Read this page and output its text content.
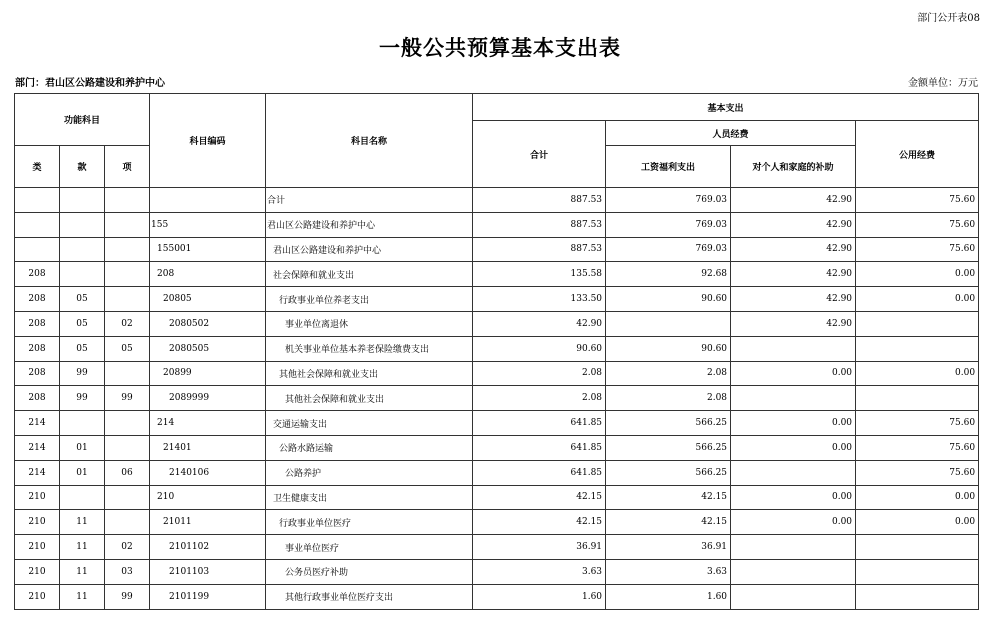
部门公开表08
一般公共预算基本支出表
部门：君山区公路建设和养护中心	金额单位：万元
功能科目			科目编码	科目名称	基本支出			
					合计	人员经费		公用经费
类	款	项				工资福利支出	对个人和家庭的补助	
				合计	887.53	769.03	42.90	75.60
			155	君山区公路建设和养护中心	887.53	769.03	42.90	75.60
			155001	君山区公路建设和养护中心	887.53	769.03	42.90	75.60
208			208	社会保障和就业支出	135.58	92.68	42.90	0.00
208	05		20805	行政事业单位养老支出	133.50	90.60	42.90	0.00
208	05	02	2080502	事业单位离退休	42.90		42.90	
208	05	05	2080505	机关事业单位基本养老保险缴费支出	90.60	90.60		
208	99		20899	其他社会保障和就业支出	2.08	2.08	0.00	0.00
208	99	99	2089999	其他社会保障和就业支出	2.08	2.08		
214			214	交通运输支出	641.85	566.25	0.00	75.60
214	01		21401	公路水路运输	641.85	566.25	0.00	75.60
214	01	06	2140106	公路养护	641.85	566.25		75.60
210			210	卫生健康支出	42.15	42.15	0.00	0.00
210	11		21011	行政事业单位医疗	42.15	42.15	0.00	0.00
210	11	02	2101102	事业单位医疗	36.91	36.91		
210	11	03	2101103	公务员医疗补助	3.63	3.63		
210	11	99	2101199	其他行政事业单位医疗支出	1.60	1.60		
